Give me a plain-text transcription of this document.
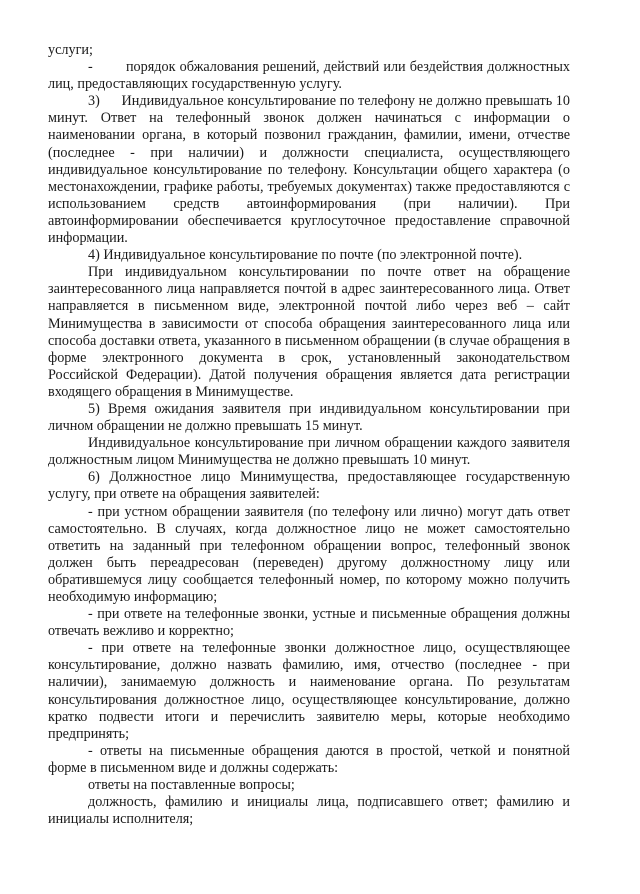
услуги;

-        порядок обжалования решений, действий или бездействия должностных лиц, предоставляющих государственную услугу.

3)      Индивидуальное консультирование по телефону не должно превышать 10 минут. Ответ на телефонный звонок должен начинаться с информации о наименовании органа, в который позвонил гражданин, фамилии, имени, отчестве (последнее - при наличии) и должности специалиста, осуществляющего индивидуальное консультирование по телефону. Консультации общего характера (о местонахождении, графике работы, требуемых документах) также предоставляются с использованием средств автоинформирования (при наличии). При автоинформировании обеспечивается круглосуточное предоставление справочной информации.

4) Индивидуальное консультирование по почте (по электронной почте).

При индивидуальном консультировании по почте ответ на обращение заинтересованного лица направляется почтой в адрес заинтересованного лица. Ответ направляется в письменном виде, электронной почтой либо через веб – сайт Минимущества в зависимости от способа обращения заинтересованного лица или способа доставки ответа, указанного в письменном обращении (в случае обращения в форме электронного документа в срок, установленный законодательством Российской Федерации). Датой получения обращения является дата регистрации входящего обращения в Минимуществе.

5) Время ожидания заявителя при индивидуальном консультировании при личном обращении не должно превышать 15 минут.

Индивидуальное консультирование при личном обращении каждого заявителя должностным лицом Минимущества не должно превышать 10 минут.

6) Должностное лицо Минимущества, предоставляющее государственную услугу, при ответе на обращения заявителей:

- при устном обращении заявителя (по телефону или лично) могут дать ответ самостоятельно. В случаях, когда должностное лицо не может самостоятельно ответить на заданный при телефонном обращении вопрос, телефонный звонок должен быть переадресован (переведен) другому должностному лицу или обратившемуся лицу сообщается телефонный номер, по которому можно получить необходимую информацию;

- при ответе на телефонные звонки, устные и письменные обращения должны отвечать вежливо и корректно;

- при ответе на телефонные звонки должностное лицо, осуществляющее консультирование, должно назвать фамилию, имя, отчество (последнее - при наличии), занимаемую должность и наименование органа. По результатам консультирования должностное лицо, осуществляющее консультирование, должно кратко подвести итоги и перечислить заявителю меры, которые необходимо предпринять;

- ответы на письменные обращения даются в простой, четкой и понятной форме в письменном виде и должны содержать:

ответы на поставленные вопросы;

должность, фамилию и инициалы лица, подписавшего ответ; фамилию и инициалы исполнителя;
